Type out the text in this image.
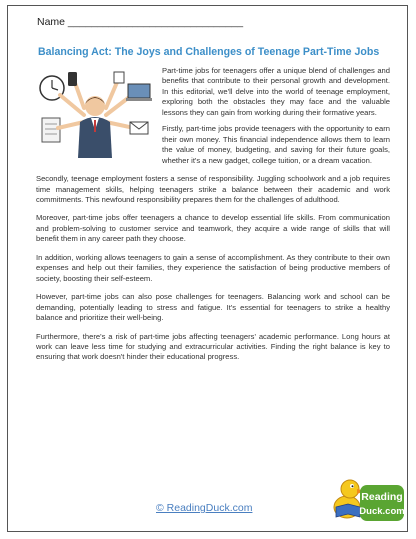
Name ______________________________
Balancing Act: The Joys and Challenges of Teenage Part-Time Jobs

Part-time jobs for teenagers offer a unique blend of challenges and benefits that contribute to their personal growth and development. In this editorial, we'll delve into the world of teenage employment, exploring both the obstacles they may face and the valuable lessons they can gain from working during their formative years.

Firstly, part-time jobs provide teenagers with the opportunity to earn their own money. This financial independence allows them to learn the value of money, budgeting, and saving for their future goals, whether it's a new gadget, college tuition, or a dream vacation.

Secondly, teenage employment fosters a sense of responsibility. Juggling schoolwork and a job requires time management skills, helping teenagers strike a balance between their academic and work commitments. This newfound responsibility prepares them for the challenges of adulthood.

Moreover, part-time jobs offer teenagers a chance to develop essential life skills. From communication and problem-solving to customer service and teamwork, they acquire a wide range of skills that will benefit them in any career path they choose.

In addition, working allows teenagers to gain a sense of accomplishment. As they contribute to their own expenses and help out their families, they experience the satisfaction of being productive members of society, boosting their self-esteem.

However, part-time jobs can also pose challenges for teenagers. Balancing work and school can be demanding, potentially leading to stress and fatigue. It's essential for teenagers to strike a healthy balance and prioritize their well-being.

Furthermore, there's a risk of part-time jobs affecting teenagers' academic performance. Long hours at work can leave less time for studying and extracurricular activities. Finding the right balance is key to ensuring that work doesn't hinder their educational progress.

© ReadingDuck.com
Reading
Duck.com
